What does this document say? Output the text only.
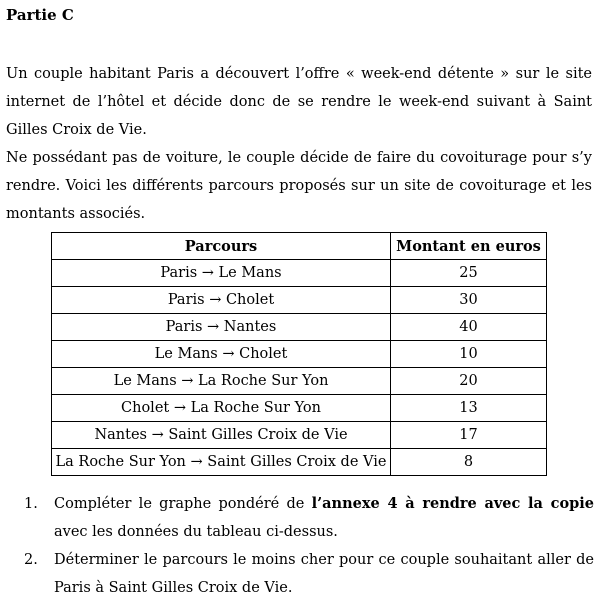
Partie C

Un couple habitant Paris a découvert l’offre « week-end détente » sur le site internet de l’hôtel et décide donc de se rendre le week-end suivant à Saint Gilles Croix de Vie.

Ne possédant pas de voiture, le couple décide de faire du covoiturage pour s’y rendre. Voici les différents parcours proposés sur un site de covoiturage et les montants associés.

Parcours	Montant en euros
Paris → Le Mans	25
Paris → Cholet	30
Paris → Nantes	40
Le Mans → Cholet	10
Le Mans → La Roche Sur Yon	20
Cholet → La Roche Sur Yon	13
Nantes → Saint Gilles Croix de Vie	17
La Roche Sur Yon → Saint Gilles Croix de Vie	8
1.	Compléter le graphe pondéré de l’annexe 4 à rendre avec la copie avec les données du tableau ci-dessus.
2.	Déterminer le parcours le moins cher pour ce couple souhaitant aller de Paris à Saint Gilles Croix de Vie.
